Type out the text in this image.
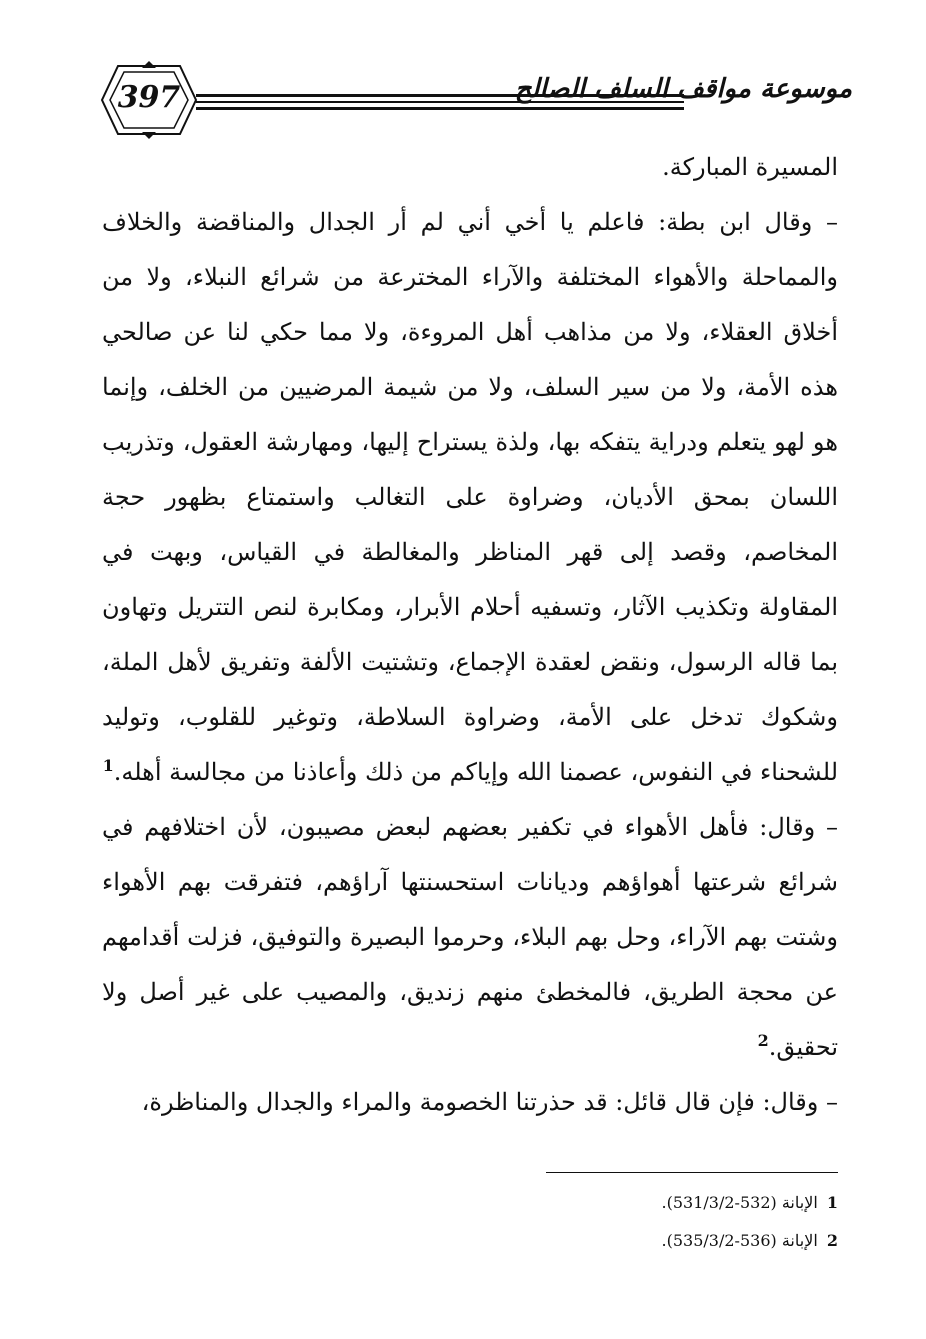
397	موسوعة مواقف السلف الصالح

المسيرة المباركة.

– وقال ابن بطة: فاعلم يا أخي أني لم أر الجدال والمناقضة والخلاف والمماحلة والأهواء المختلفة والآراء المخترعة من شرائع النبلاء، ولا من أخلاق العقلاء، ولا من مذاهب أهل المروءة، ولا مما حكي لنا عن صالحي هذه الأمة، ولا من سير السلف، ولا من شيمة المرضيين من الخلف، وإنما هو لهو يتعلم ودراية يتفكه بها، ولذة يستراح إليها، ومهارشة العقول، وتذريب اللسان بمحق الأديان، وضراوة على التغالب واستمتاع بظهور حجة المخاصم، وقصد إلى قهر المناظر والمغالطة في القياس، وبهت في المقاولة وتكذيب الآثار، وتسفيه أحلام الأبرار، ومكابرة لنص التتريل وتهاون بما قاله الرسول، ونقض لعقدة الإجماع، وتشتيت الألفة وتفريق لأهل الملة، وشكوك تدخل على الأمة، وضراوة السلاطة، وتوغير للقلوب، وتوليد للشحناء في النفوس، عصمنا الله وإياكم من ذلك وأعاذنا من مجالسة أهله.$^1$

– وقال: فأهل الأهواء في تكفير بعضهم لبعض مصيبون، لأن اختلافهم في شرائع شرعتها أهواؤهم وديانات استحسنتها آراؤهم، فتفرقت بهم الأهواء وشتت بهم الآراء، وحل بهم البلاء، وحرموا البصيرة والتوفيق، فزلت أقدامهم عن محجة الطريق، فالمخطئ منهم زنديق، والمصيب على غير أصل ولا تحقيق.$^2$

– وقال: فإن قال قائل: قد حذرتنا الخصومة والمراء والجدال والمناظرة،

1 الإبانة (532-531/3/2).
2 الإبانة (536-535/3/2).
